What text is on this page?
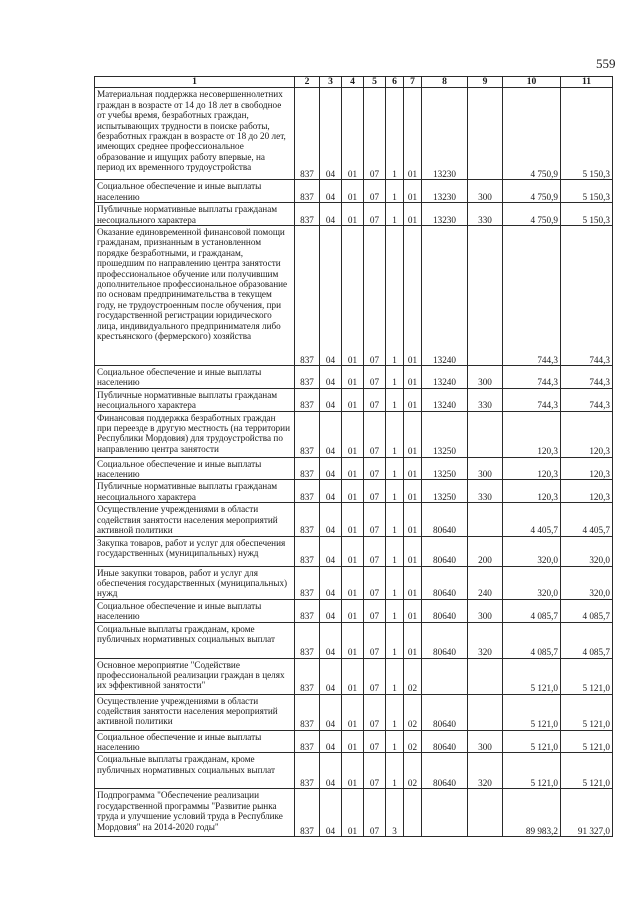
559
1	2	3	4	5	6	7	8	9	10	11
Материальная поддержка несовершеннолетних граждан в возрасте от 14 до 18 лет в свободное от учебы время, безработных граждан, испытывающих трудности в поиске работы, безработных граждан в возрасте от 18 до 20 лет, имеющих среднее профессиональное образование и ищущих работу впервые, на период их временного трудоустройства	837	04	01	07	1	01	13230		4 750,9	5 150,3
Социальное обеспечение и иные выплаты населению	837	04	01	07	1	01	13230	300	4 750,9	5 150,3
Публичные нормативные выплаты гражданам несоциального характера	837	04	01	07	1	01	13230	330	4 750,9	5 150,3
Оказание единовременной финансовой помощи гражданам, признанным в установленном порядке безработными, и гражданам, прошедшим по направлению центра занятости профессиональное обучение или получившим дополнительное профессиональное образование по основам предпринимательства в текущем году, не трудоустроенным после обучения, при государственной регистрации юридического лица, индивидуального предпринимателя либо крестьянского (фермерского) хозяйства	837	04	01	07	1	01	13240		744,3	744,3
Социальное обеспечение и иные выплаты населению	837	04	01	07	1	01	13240	300	744,3	744,3
Публичные нормативные выплаты гражданам несоциального характера	837	04	01	07	1	01	13240	330	744,3	744,3
Финансовая поддержка безработных граждан при переезде в другую местность (на территории Республики Мордовия) для трудоустройства по направлению центра занятости	837	04	01	07	1	01	13250		120,3	120,3
Социальное обеспечение и иные выплаты населению	837	04	01	07	1	01	13250	300	120,3	120,3
Публичные нормативные выплаты гражданам несоциального характера	837	04	01	07	1	01	13250	330	120,3	120,3
Осуществление учреждениями в области содействия занятости населения мероприятий активной политики	837	04	01	07	1	01	80640		4 405,7	4 405,7
Закупка товаров, работ и услуг для обеспечения государственных (муниципальных) нужд	837	04	01	07	1	01	80640	200	320,0	320,0
Иные закупки товаров, работ и услуг для обеспечения государственных (муниципальных) нужд	837	04	01	07	1	01	80640	240	320,0	320,0
Социальное обеспечение и иные выплаты населению	837	04	01	07	1	01	80640	300	4 085,7	4 085,7
Социальные выплаты гражданам, кроме публичных нормативных социальных выплат	837	04	01	07	1	01	80640	320	4 085,7	4 085,7
Основное мероприятие "Содействие профессиональной реализации граждан в целях их эффективной занятости"	837	04	01	07	1	02			5 121,0	5 121,0
Осуществление учреждениями в области содействия занятости населения мероприятий активной политики	837	04	01	07	1	02	80640		5 121,0	5 121,0
Социальное обеспечение и иные выплаты населению	837	04	01	07	1	02	80640	300	5 121,0	5 121,0
Социальные выплаты гражданам, кроме публичных нормативных социальных выплат	837	04	01	07	1	02	80640	320	5 121,0	5 121,0
Подпрограмма "Обеспечение реализации государственной программы "Развитие рынка труда и улучшение условий труда в Республике Мордовия" на 2014-2020 годы"	837	04	01	07	3				89 983,2	91 327,0
